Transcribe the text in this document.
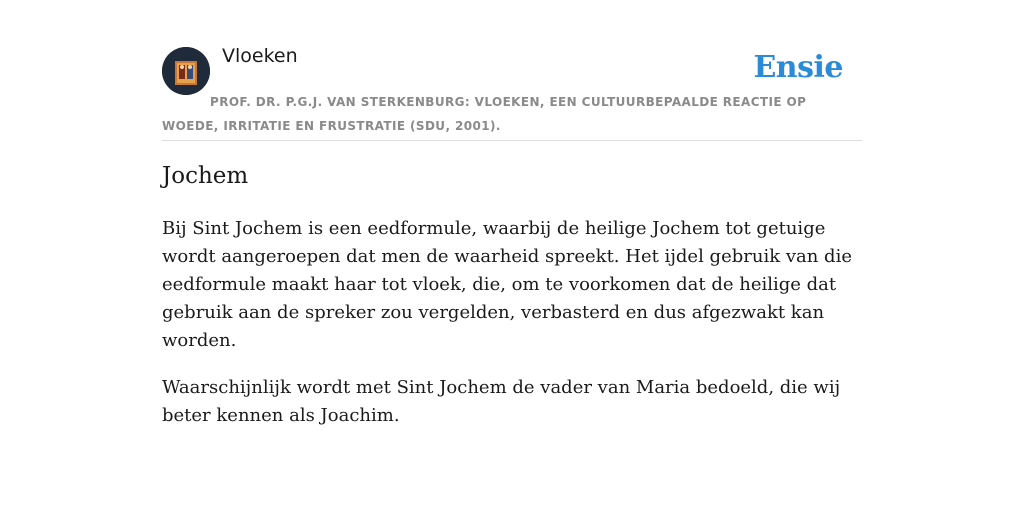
Vloeken	Ensie
PROF. DR. P.G.J. VAN STERKENBURG: VLOEKEN, EEN CULTUURBEPAALDE REACTIE OP WOEDE, IRRITATIE EN FRUSTRATIE (SDU, 2001).
Jochem

Bij Sint Jochem is een eedformule, waarbij de heilige Jochem tot getuige wordt aangeroepen dat men de waarheid spreekt. Het ijdel gebruik van die eedformule maakt haar tot vloek, die, om te voorkomen dat de heilige dat gebruik aan de spreker zou vergelden, verbasterd en dus afgezwakt kan worden.

Waarschijnlijk wordt met Sint Jochem de vader van Maria bedoeld, die wij beter kennen als Joachim.
